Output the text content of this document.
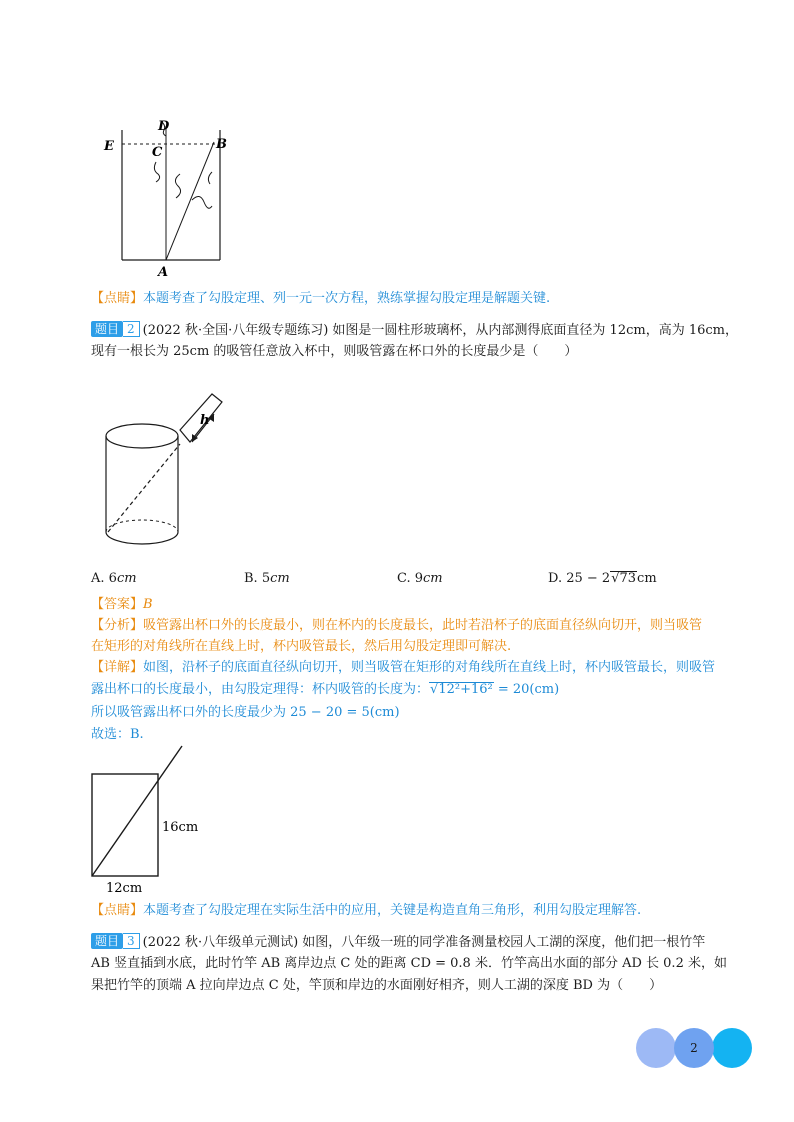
D
E	C
B
A
【点睛】本题考查了勾股定理、列一元一次方程，熟练掌握勾股定理是解题关键.
题目 2 (2022 秋·全国·八年级专题练习) 如图是一圆柱形玻璃杯，从内部测得底面直径为 12cm，高为 16cm，
现有一根长为 25cm 的吸管任意放入杯中，则吸管露在杯口外的长度最少是（　　）
h
A. 6cm	B. 5cm	C. 9cm	D. 25 − 2√73cm
【答案】B
【分析】吸管露出杯口外的长度最小，则在杯内的长度最长，此时若沿杯子的底面直径纵向切开，则当吸管
在矩形的对角线所在直线上时，杯内吸管最长，然后用勾股定理即可解决.
【详解】如图，沿杯子的底面直径纵向切开，则当吸管在矩形的对角线所在直线上时，杯内吸管最长，则吸管
露出杯口的长度最小，由勾股定理得：杯内吸管的长度为：√12²+16² = 20(cm)
所以吸管露出杯口外的长度最少为 25 − 20 = 5(cm)
故选：B.
16cm
12cm
【点睛】本题考查了勾股定理在实际生活中的应用，关键是构造直角三角形，利用勾股定理解答.
题目 3 (2022 秋·八年级单元测试) 如图，八年级一班的同学准备测量校园人工湖的深度，他们把一根竹竿
AB 竖直插到水底，此时竹竿 AB 离岸边点 C 处的距离 CD = 0.8 米．竹竿高出水面的部分 AD 长 0.2 米，如
果把竹竿的顶端 A 拉向岸边点 C 处，竿顶和岸边的水面刚好相齐，则人工湖的深度 BD 为（　　）
2
